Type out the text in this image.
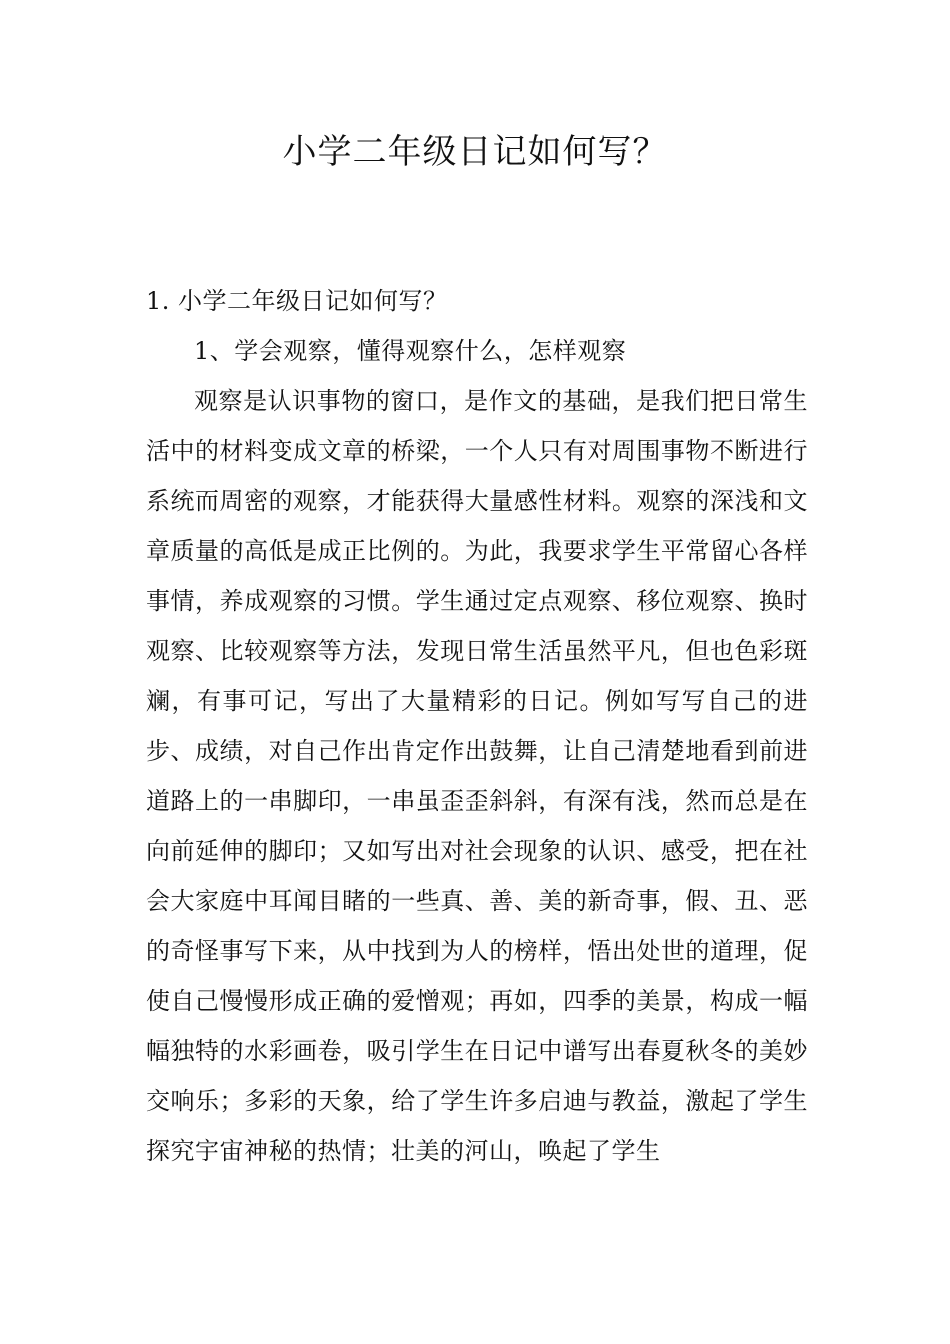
小学二年级日记如何写？

1. 小学二年级日记如何写？

1、学会观察，懂得观察什么，怎样观察

观察是认识事物的窗口，是作文的基础，是我们把日常生活中的材料变成文章的桥梁，一个人只有对周围事物不断进行系统而周密的观察，才能获得大量感性材料。观察的深浅和文章质量的高低是成正比例的。为此，我要求学生平常留心各样事情，养成观察的习惯。学生通过定点观察、移位观察、换时观察、比较观察等方法，发现日常生活虽然平凡，但也色彩斑斓，有事可记，写出了大量精彩的日记。例如写写自己的进步、成绩，对自己作出肯定作出鼓舞，让自己清楚地看到前进道路上的一串脚印，一串虽歪歪斜斜，有深有浅，然而总是在向前延伸的脚印；又如写出对社会现象的认识、感受，把在社会大家庭中耳闻目睹的一些真、善、美的新奇事，假、丑、恶的奇怪事写下来，从中找到为人的榜样，悟出处世的道理，促使自己慢慢形成正确的爱憎观；再如，四季的美景，构成一幅幅独特的水彩画卷，吸引学生在日记中谱写出春夏秋冬的美妙交响乐；多彩的天象，给了学生许多启迪与教益，激起了学生探究宇宙神秘的热情；壮美的河山，唤起了学生
